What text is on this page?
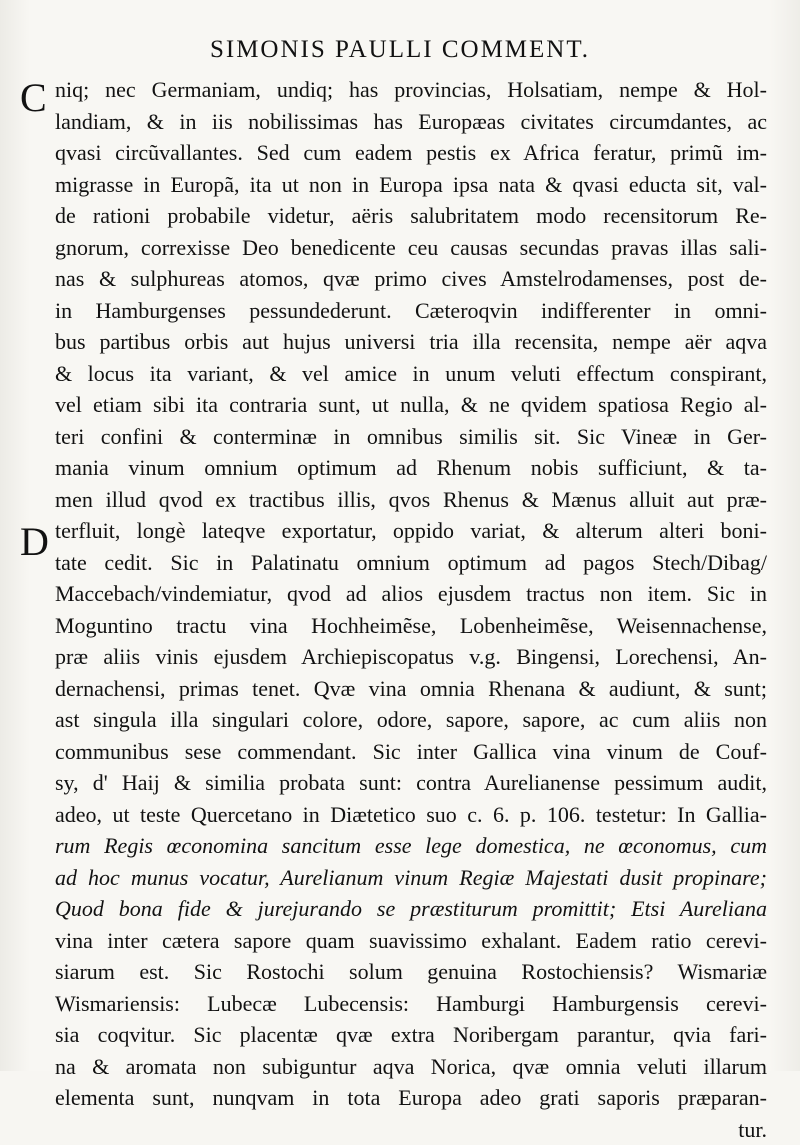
SIMONIS PAULLI COMMENT.
C
D
niq; nec Germaniam, undiq; has provincias, Holsatiam, nempe & Hol-
landiam, & in iis nobilissimas has Europæas civitates circumdantes, ac
qvasi circũvallantes. Sed cum eadem pestis ex Africa feratur, primũ im-
migrasse in Europã, ita ut non in Europa ipsa nata & qvasi educta sit, val-
de rationi probabile videtur, aëris salubritatem modo recensitorum Re-
gnorum, correxisse Deo benedicente ceu causas secundas pravas illas sali-
nas & sulphureas atomos, qvæ primo cives Amstelrodamenses, post de-
in Hamburgenses pessundederunt. Cæteroqvin indifferenter in omni-
bus partibus orbis aut hujus universi tria illa recensita, nempe aër aqva
& locus ita variant, & vel amice in unum veluti effectum conspirant,
vel etiam sibi ita contraria sunt, ut nulla, & ne qvidem spatiosa Regio al-
teri confini & conterminæ in omnibus similis sit. Sic Vineæ in Ger-
mania vinum omnium optimum ad Rhenum nobis sufficiunt, & ta-
men illud qvod ex tractibus illis, qvos Rhenus & Mænus alluit aut præ-
terfluit, longè lateqve exportatur, oppido variat, & alterum alteri boni-
tate cedit. Sic in Palatinatu omnium optimum ad pagos Stech/Dibag/
Maccebach/vindemiatur, qvod ad alios ejusdem tractus non item. Sic in
Moguntino tractu vina Hochheimẽse, Lobenheimẽse, Weisennachense,
præ aliis vinis ejusdem Archiepiscopatus v.g. Bingensi, Lorechensi, An-
dernachensi, primas tenet. Qvæ vina omnia Rhenana & audiunt, & sunt;
ast singula illa singulari colore, odore, sapore, sapore, ac cum aliis non
communibus sese commendant. Sic inter Gallica vina vinum de Couf-
sy, d' Haij & similia probata sunt: contra Aurelianense pessimum audit,
adeo, ut teste Quercetano in Diætetico suo c. 6. p. 106. testetur: In Gallia-
rum Regis œconomina sancitum esse lege domestica, ne œconomus, cum
ad hoc munus vocatur, Aurelianum vinum Regiæ Majestati dusit propinare;
Quod bona fide & jurejurando se præstiturum promittit; Etsi Aureliana
vina inter cætera sapore quam suavissimo exhalant. Eadem ratio cerevi-
siarum est. Sic Rostochi solum genuina Rostochiensis? Wismariæ
Wismariensis: Lubecæ Lubecensis: Hamburgi Hamburgensis cerevi-
sia coqvitur. Sic placentæ qvæ extra Noribergam parantur, qvia fari-
na & aromata non subiguntur aqva Norica, qvæ omnia veluti illarum
elementa sunt, nunqvam in tota Europa adeo grati saporis præparan-
tur.
